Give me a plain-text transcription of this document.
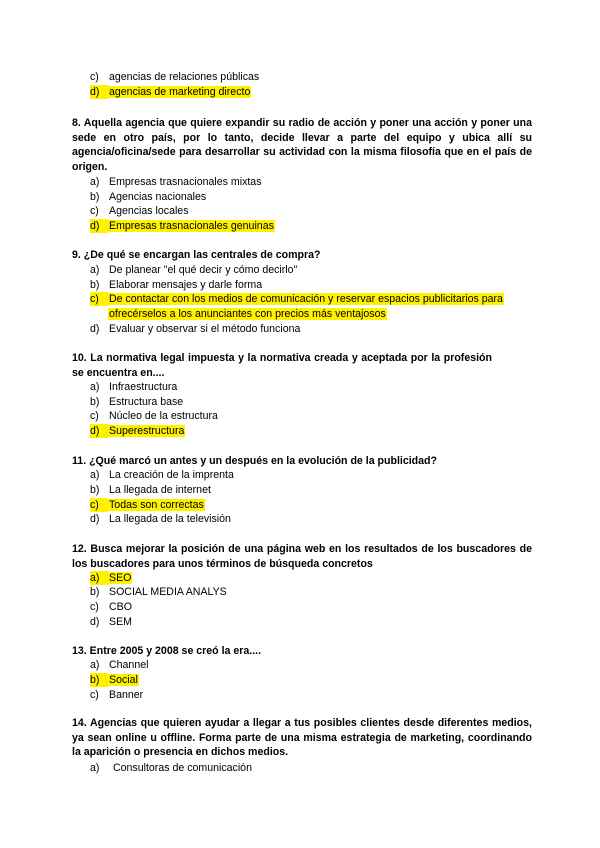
c) agencias de relaciones públicas
d) agencias de marketing directo
8. Aquella agencia que quiere expandir su radio de acción y poner una acción y poner una sede en otro país, por lo tanto, decide llevar a parte del equipo y ubica allí su agencia/oficina/sede para desarrollar su actividad con la misma filosofía que en el país de origen.
a) Empresas trasnacionales mixtas
b) Agencias nacionales
c) Agencias locales
d) Empresas trasnacionales genuinas
9. ¿De qué se encargan las centrales de compra?
a) De planear "el qué decir y cómo decirlo"
b) Elaborar mensajes y darle forma
c) De contactar con los medios de comunicación y reservar espacios publicitarios para
ofrecérselos a los anunciantes con precios más ventajosos
d) Evaluar y observar si el método funciona
10. La normativa legal impuesta y la normativa creada y aceptada por la profesión se encuentra en....
a) Infraestructura
b) Estructura base
c) Núcleo de la estructura
d) Superestructura
11. ¿Qué marcó un antes y un después en la evolución de la publicidad?
a) La creación de la imprenta
b) La llegada de internet
c) Todas son correctas
d) La llegada de la televisión
12. Busca mejorar la posición de una página web en los resultados de los buscadores de los buscadores para unos términos de búsqueda concretos
a) SEO
b) SOCIAL MEDIA ANALYS
c) CBO
d) SEM
13. Entre 2005 y 2008 se creó la era....
a) Channel
b) Social
c) Banner
14. Agencias que quieren ayudar a llegar a tus posibles clientes desde diferentes medios, ya sean online u offline. Forma parte de una misma estrategia de marketing, coordinando la aparición o presencia en dichos medios.
a) Consultoras de comunicación
